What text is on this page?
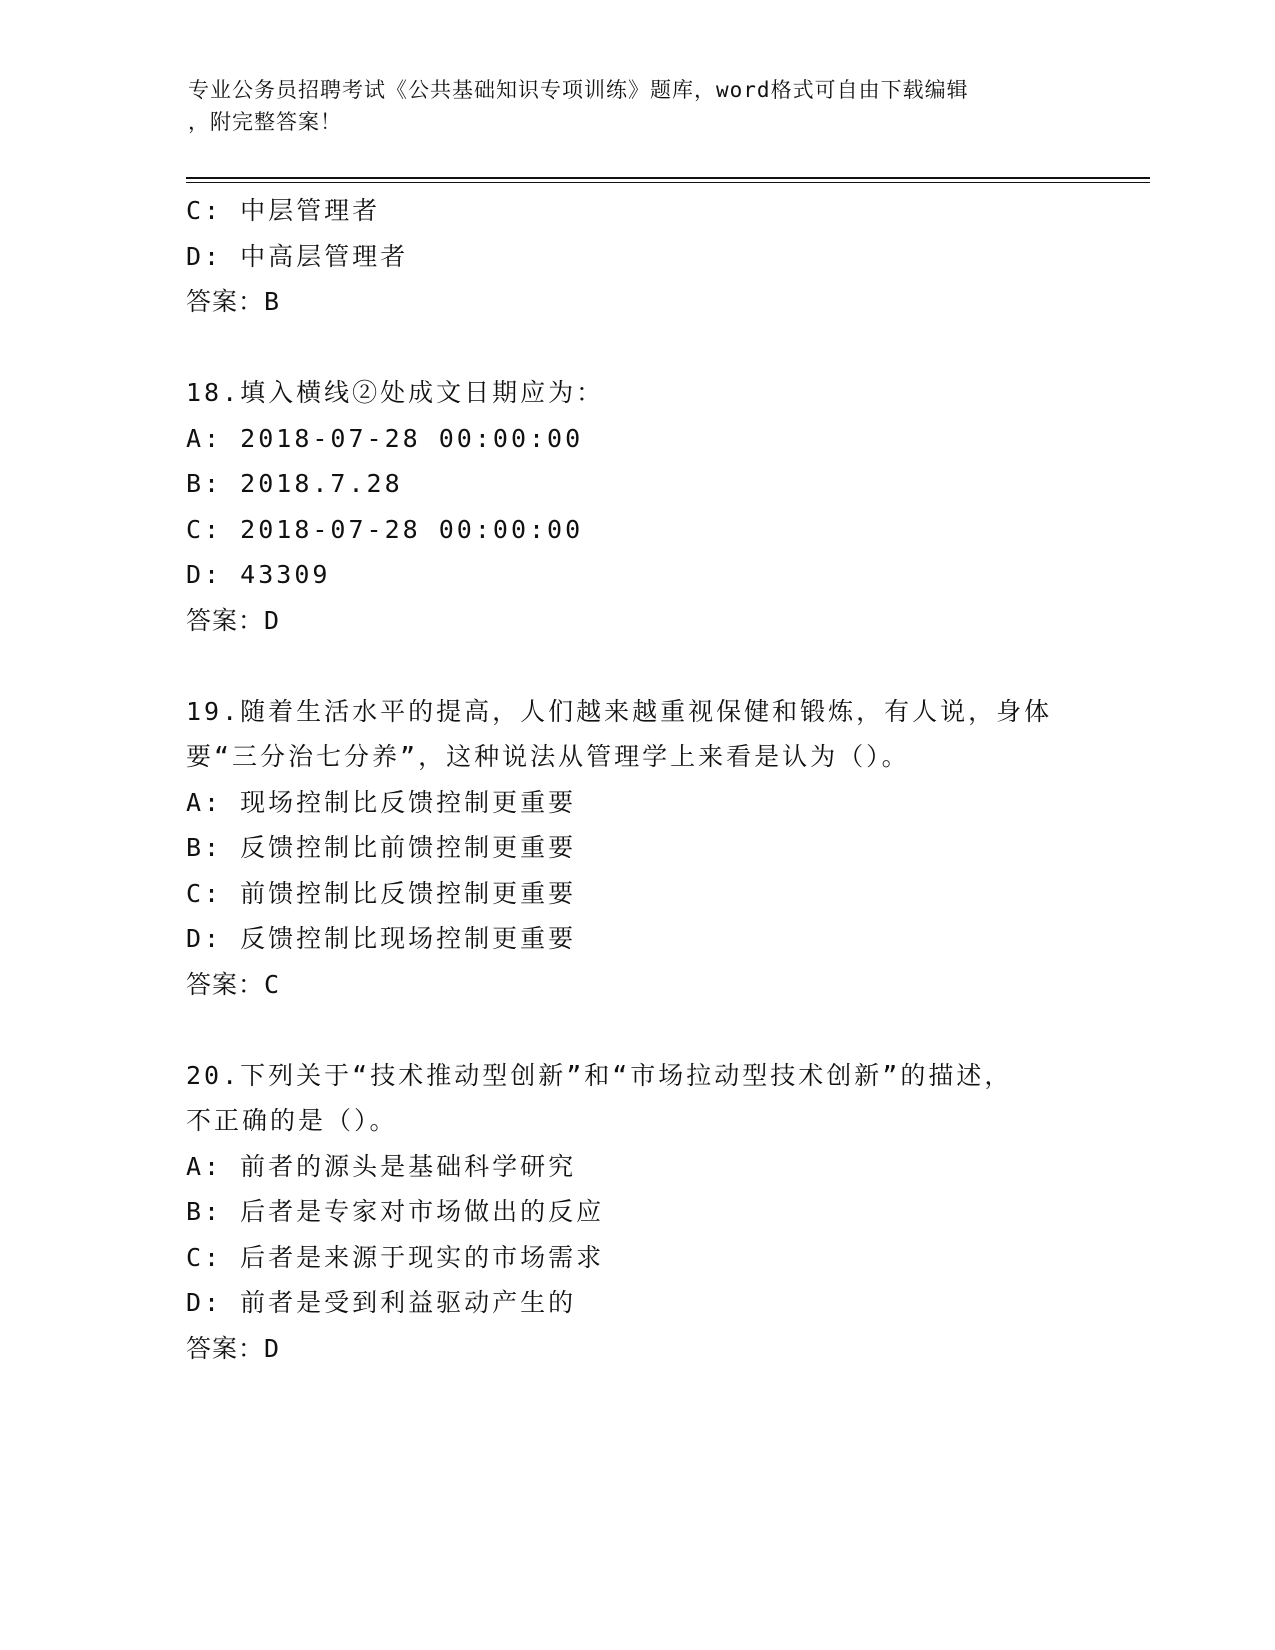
专业公务员招聘考试《公共基础知识专项训练》题库，word格式可自由下载编辑
，附完整答案！
C: 中层管理者
D: 中高层管理者
答案：B
18.填入横线②处成文日期应为：
A: 2018-07-28 00:00:00
B: 2018.7.28
C: 2018-07-28 00:00:00
D: 43309
答案：D
19.随着生活水平的提高，人们越来越重视保健和锻炼，有人说，身体
要“三分治七分养”，这种说法从管理学上来看是认为（）。
A: 现场控制比反馈控制更重要
B: 反馈控制比前馈控制更重要
C: 前馈控制比反馈控制更重要
D: 反馈控制比现场控制更重要
答案：C
20.下列关于“技术推动型创新”和“市场拉动型技术创新”的描述，
不正确的是（）。
A: 前者的源头是基础科学研究
B: 后者是专家对市场做出的反应
C: 后者是来源于现实的市场需求
D: 前者是受到利益驱动产生的
答案：D
